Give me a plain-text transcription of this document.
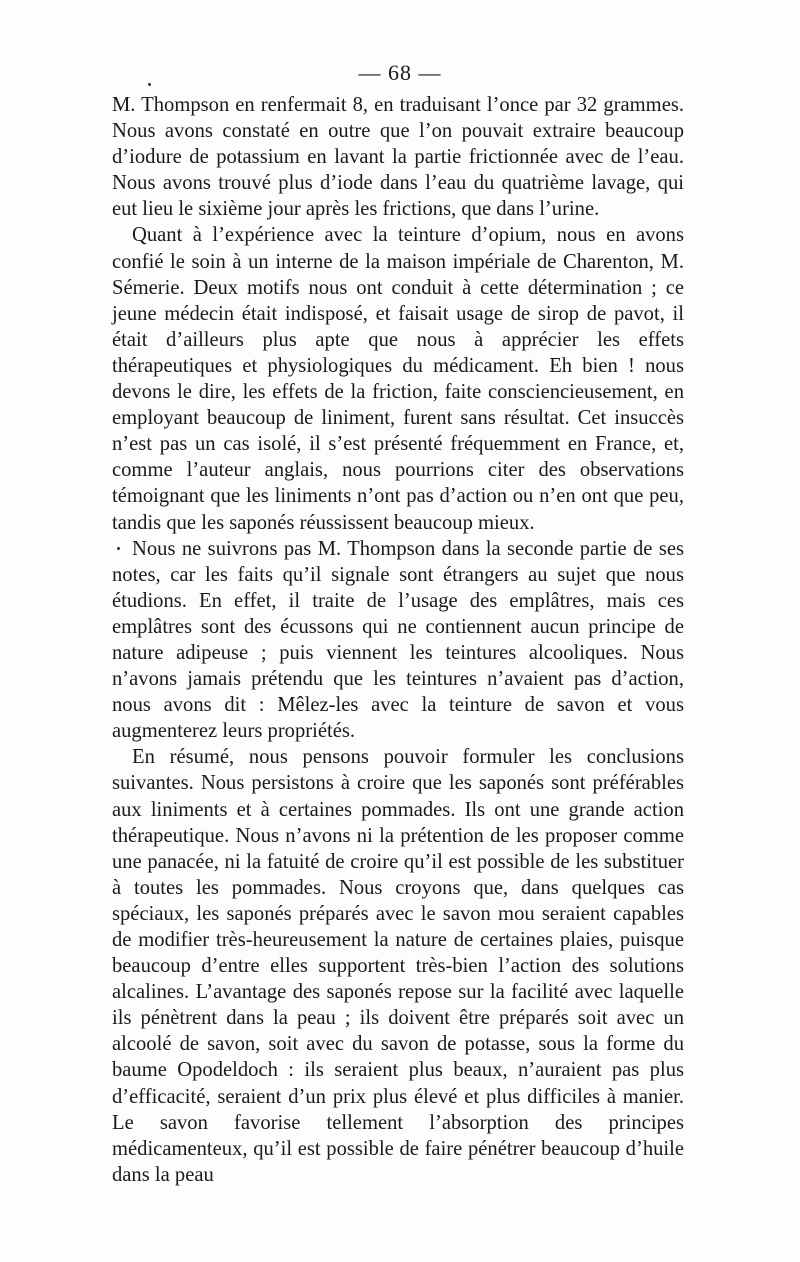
— 68 —

M. Thompson en renfermait 8, en traduisant l’once par 32 grammes. Nous avons constaté en outre que l’on pouvait extraire beaucoup d’iodure de potassium en lavant la partie frictionnée avec de l’eau. Nous avons trouvé plus d’iode dans l’eau du quatrième lavage, qui eut lieu le sixième jour après les frictions, que dans l’urine.

Quant à l’expérience avec la teinture d’opium, nous en avons confié le soin à un interne de la maison impériale de Charenton, M. Sémerie. Deux motifs nous ont conduit à cette détermination ; ce jeune médecin était indisposé, et faisait usage de sirop de pavot, il était d’ailleurs plus apte que nous à apprécier les effets thérapeutiques et physiologiques du médicament. Eh bien ! nous devons le dire, les effets de la friction, faite consciencieusement, en employant beaucoup de liniment, furent sans résultat. Cet insuccès n’est pas un cas isolé, il s’est présenté fréquemment en France, et, comme l’auteur anglais, nous pourrions citer des observations témoignant que les liniments n’ont pas d’action ou n’en ont que peu, tandis que les saponés réussissent beaucoup mieux.

Nous ne suivrons pas M. Thompson dans la seconde partie de ses notes, car les faits qu’il signale sont étrangers au sujet que nous étudions. En effet, il traite de l’usage des emplâtres, mais ces emplâtres sont des écussons qui ne contiennent aucun principe de nature adipeuse ; puis viennent les teintures alcooliques. Nous n’avons jamais prétendu que les teintures n’avaient pas d’action, nous avons dit : Mêlez-les avec la teinture de savon et vous augmenterez leurs propriétés.

En résumé, nous pensons pouvoir formuler les conclusions suivantes. Nous persistons à croire que les saponés sont préférables aux liniments et à certaines pommades. Ils ont une grande action thérapeutique. Nous n’avons ni la prétention de les proposer comme une panacée, ni la fatuité de croire qu’il est possible de les substituer à toutes les pommades. Nous croyons que, dans quelques cas spéciaux, les saponés préparés avec le savon mou seraient capables de modifier très-heureusement la nature de certaines plaies, puisque beaucoup d’entre elles supportent très-bien l’action des solutions alcalines. L’avantage des saponés repose sur la facilité avec laquelle ils pénètrent dans la peau ; ils doivent être préparés soit avec un alcoolé de savon, soit avec du savon de potasse, sous la forme du baume Opodeldoch : ils seraient plus beaux, n’auraient pas plus d’efficacité, seraient d’un prix plus élevé et plus difficiles à manier. Le savon favorise tellement l’absorption des principes médicamenteux, qu’il est possible de faire pénétrer beaucoup d’huile dans la peau
